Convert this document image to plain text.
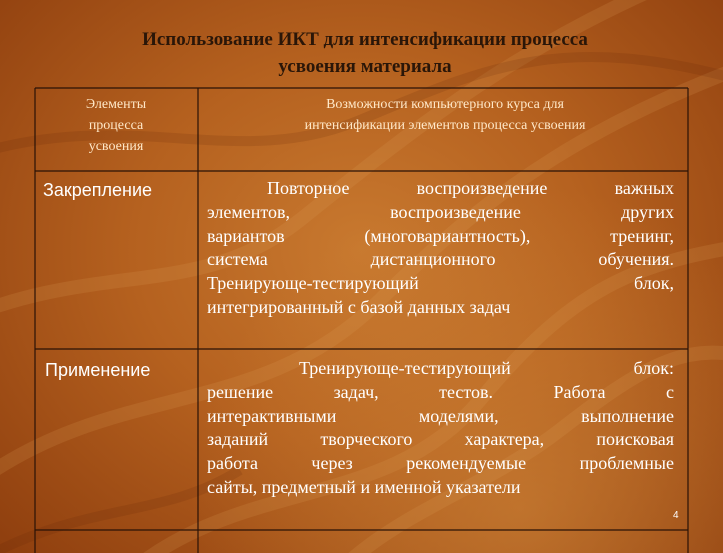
Использование ИКТ для интенсификации процесса
усвоения материала
Элементы
процесса
усвоения
Возможности компьютерного курса для
интенсификации элементов процесса усвоения
Закрепление	Повторное воспроизведение важных
элементов, воспроизведение других
вариантов (многовариантность), тренинг,
система дистанционного обучения.
Тренирующе-тестирующий блок,
интегрированный с базой данных задач
Применение	Тренирующе-тестирующий блок:
решение задач, тестов. Работа с
интерактивными моделями, выполнение
заданий творческого характера, поисковая
работа через рекомендуемые проблемные
сайты, предметный и именной указатели
4
